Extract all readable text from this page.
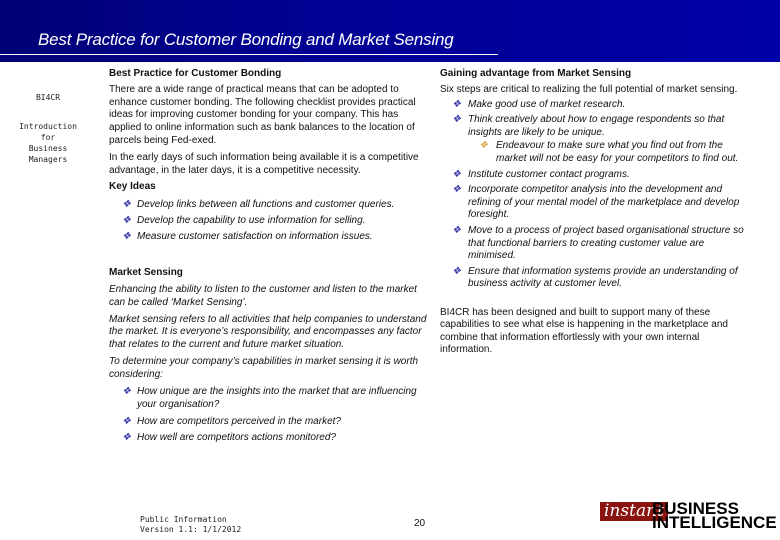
Best Practice for Customer Bonding and Market Sensing
BI4CR
Introduction
for
Business
Managers

Best Practice for Customer Bonding

There are a wide range of practical means that can be adopted to enhance customer bonding. The following checklist provides practical ideas for improving customer bonding for your company. This has applied to online information such as bank balances to the location of parcels being Fed-exed.

In the early days of such information being available it is a competitive advantage, in the later days, it is a competitive necessity.

Key Ideas

❖ Develop links between all functions and customer queries.
❖ Develop the capability to use information for selling.
❖ Measure customer satisfaction on information issues.

Market Sensing

Enhancing the ability to listen to the customer and listen to the market can be called ‘Market Sensing’.

Market sensing refers to all activities that help companies to understand the market. It is everyone’s responsibility, and encompasses any factor that relates to the current and future market situation.

To determine your company’s capabilities in market sensing it is worth considering:

❖ How unique are the insights into the market that are influencing your organisation?
❖ How are competitors perceived in the market?
❖ How well are competitors actions monitored?

Gaining advantage from Market Sensing

Six steps are critical to realizing the full potential of market sensing.

❖ Make good use of market research.
❖ Think creatively about how to engage respondents so that insights are likely to be unique.
❖ Endeavour to make sure what you find out from the market will not be easy for your competitors to find out.
❖ Institute customer contact programs.
❖ Incorporate competitor analysis into the development and refining of your mental model of the marketplace and develop foresight.
❖ Move to a process of project based organisational structure so that functional barriers to creating customer value are minimised.
❖ Ensure that information systems provide an understanding of business activity at customer level.

BI4CR has been designed and built to support many of these capabilities to see what else is happening in the marketplace and combine that information effortlessly with your own internal information.

Public Information
Version 1.1: 1/1/2012
20
instant
BUSINESS
INTELLIGENCE
